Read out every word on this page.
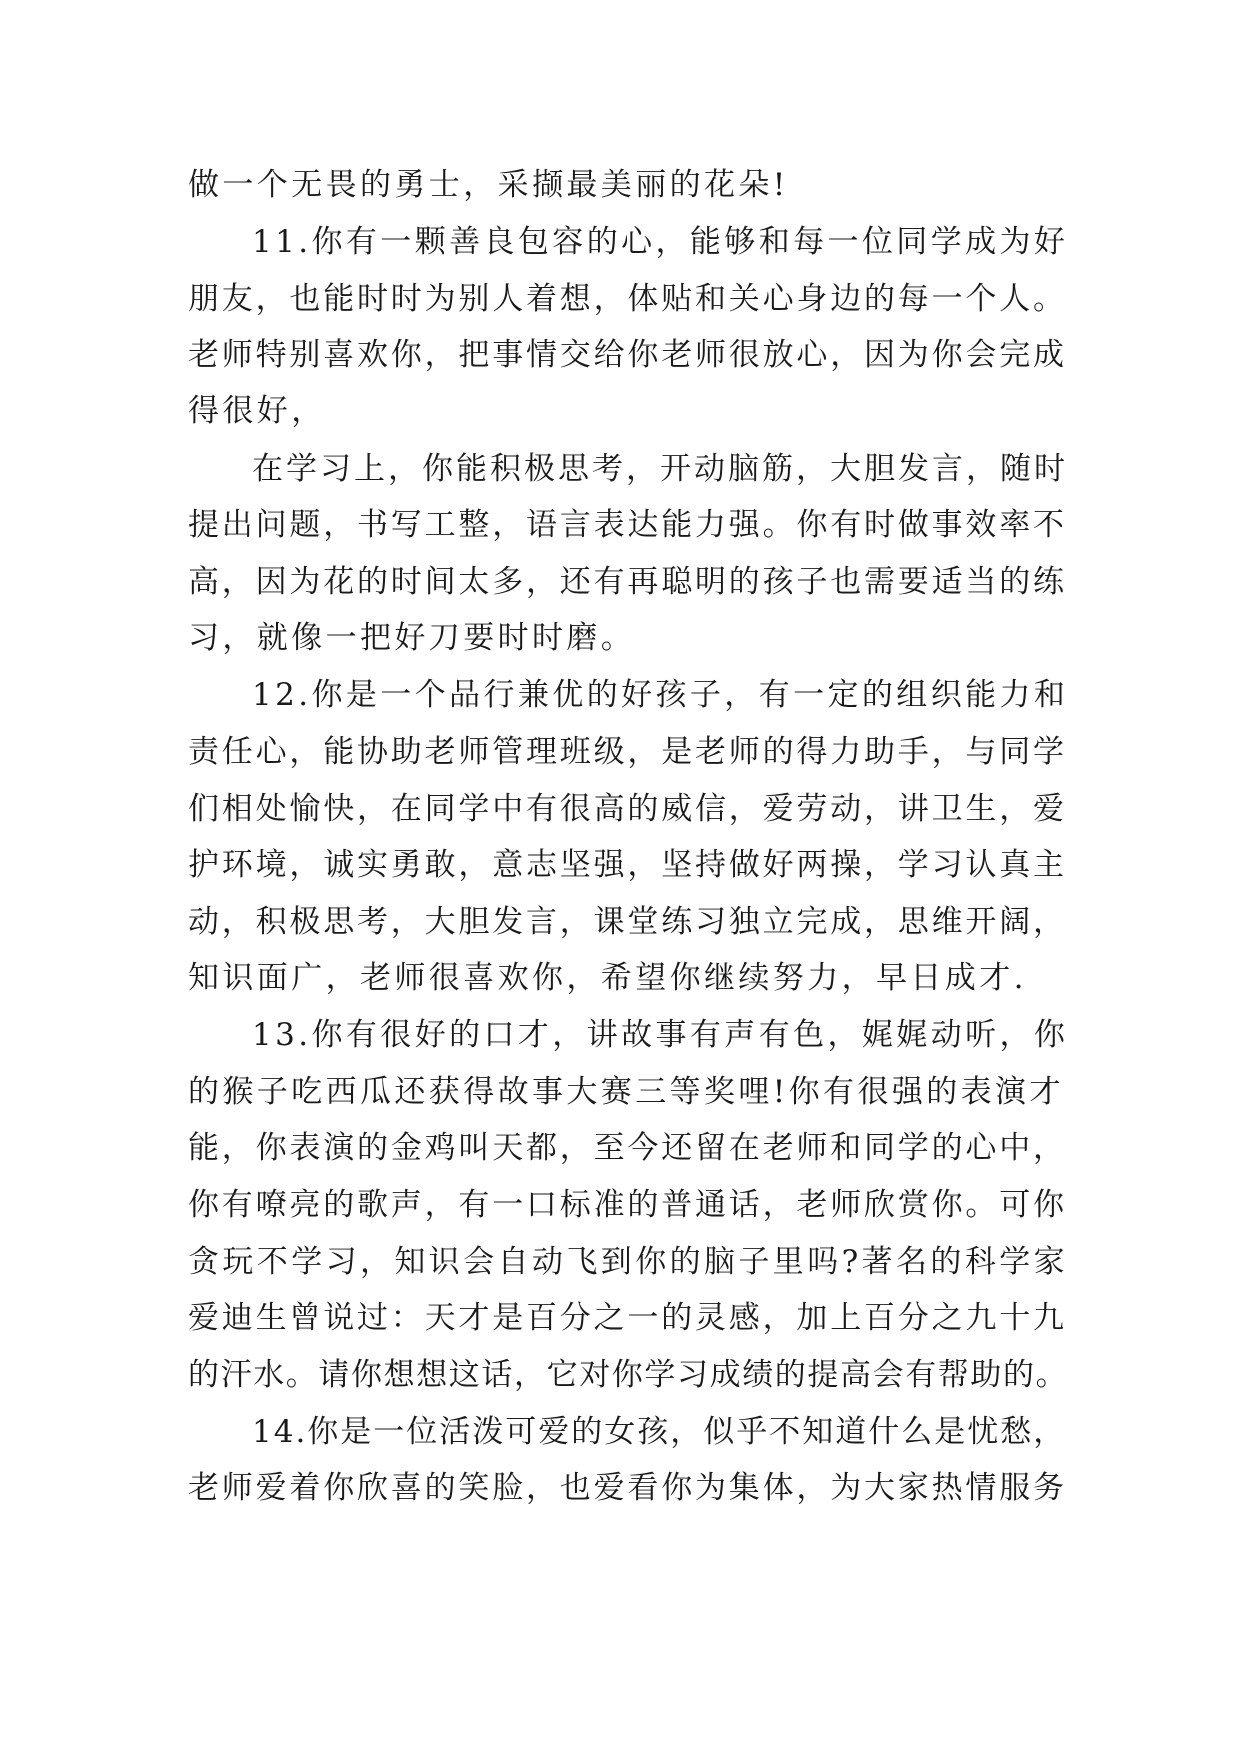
做一个无畏的勇士，采撷最美丽的花朵!
11.你有一颗善良包容的心，能够和每一位同学成为好
朋友，也能时时为别人着想，体贴和关心身边的每一个人。
老师特别喜欢你，把事情交给你老师很放心，因为你会完成
得很好，
在学习上，你能积极思考，开动脑筋，大胆发言，随时
提出问题，书写工整，语言表达能力强。你有时做事效率不
高，因为花的时间太多，还有再聪明的孩子也需要适当的练
习，就像一把好刀要时时磨。
12.你是一个品行兼优的好孩子，有一定的组织能力和
责任心，能协助老师管理班级，是老师的得力助手，与同学
们相处愉快，在同学中有很高的威信，爱劳动，讲卫生，爱
护环境，诚实勇敢，意志坚强，坚持做好两操，学习认真主
动，积极思考，大胆发言，课堂练习独立完成，思维开阔，
知识面广，老师很喜欢你，希望你继续努力，早日成才.
13.你有很好的口才，讲故事有声有色，娓娓动听，你
的猴子吃西瓜还获得故事大赛三等奖哩!你有很强的表演才
能，你表演的金鸡叫天都，至今还留在老师和同学的心中，
你有嘹亮的歌声，有一口标准的普通话，老师欣赏你。可你
贪玩不学习，知识会自动飞到你的脑子里吗?著名的科学家
爱迪生曾说过：天才是百分之一的灵感，加上百分之九十九
的汗水。请你想想这话，它对你学习成绩的提高会有帮助的。
14.你是一位活泼可爱的女孩，似乎不知道什么是忧愁，
老师爱着你欣喜的笑脸，也爱看你为集体，为大家热情服务
